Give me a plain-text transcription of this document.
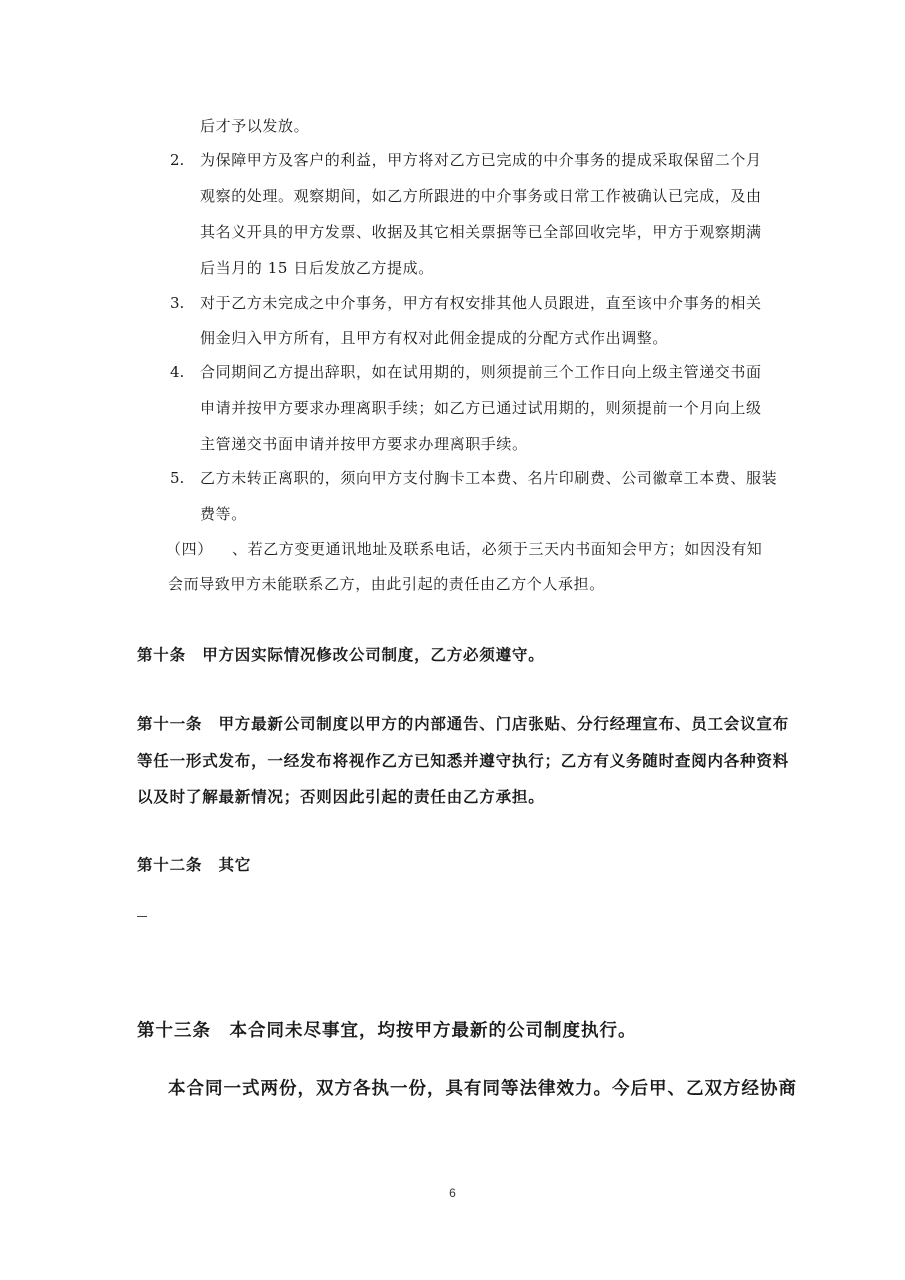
后才予以发放。
2. 为保障甲方及客户的利益，甲方将对乙方已完成的中介事务的提成采取保留二个月
观察的处理。观察期间，如乙方所跟进的中介事务或日常工作被确认已完成，及由
其名义开具的甲方发票、收据及其它相关票据等已全部回收完毕，甲方于观察期满
后当月的 15 日后发放乙方提成。
3. 对于乙方未完成之中介事务，甲方有权安排其他人员跟进，直至该中介事务的相关
佣金归入甲方所有，且甲方有权对此佣金提成的分配方式作出调整。
4. 合同期间乙方提出辞职，如在试用期的，则须提前三个工作日向上级主管递交书面
申请并按甲方要求办理离职手续；如乙方已通过试用期的，则须提前一个月向上级
主管递交书面申请并按甲方要求办理离职手续。
5. 乙方未转正离职的，须向甲方支付胸卡工本费、名片印刷费、公司徽章工本费、服装
费等。
（四） 、若乙方变更通讯地址及联系电话，必须于三天内书面知会甲方；如因没有知
会而导致甲方未能联系乙方，由此引起的责任由乙方个人承担。
第十条　甲方因实际情况修改公司制度，乙方必须遵守。
第十一条　甲方最新公司制度以甲方的内部通告、门店张贴、分行经理宣布、员工会议宣布
等任一形式发布，一经发布将视作乙方已知悉并遵守执行；乙方有义务随时查阅内各种资料
以及时了解最新情况；否则因此引起的责任由乙方承担。
第十二条　其它
第十三条　本合同未尽事宜，均按甲方最新的公司制度执行。
本合同一式两份，双方各执一份，具有同等法律效力。今后甲、乙双方经协商
6
